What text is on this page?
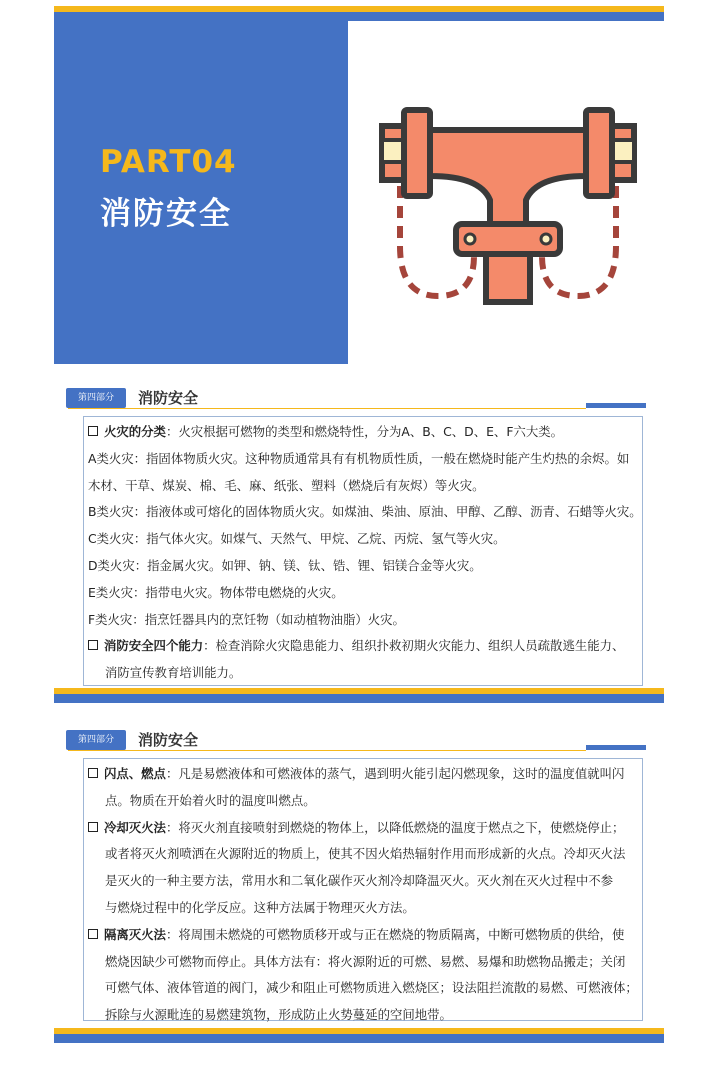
PART04
消防安全
第四部分	消防安全

火灾的分类：火灾根据可燃物的类型和燃烧特性，分为A、B、C、D、E、F六大类。

A类火灾：指固体物质火灾。这种物质通常具有有机物质性质，一般在燃烧时能产生灼热的余烬。如

木材、干草、煤炭、棉、毛、麻、纸张、塑料（燃烧后有灰烬）等火灾。

B类火灾：指液体或可熔化的固体物质火灾。如煤油、柴油、原油、甲醇、乙醇、沥青、石蜡等火灾。

C类火灾：指气体火灾。如煤气、天然气、甲烷、乙烷、丙烷、氢气等火灾。

D类火灾：指金属火灾。如钾、钠、镁、钛、锆、锂、铝镁合金等火灾。

E类火灾：指带电火灾。物体带电燃烧的火灾。

F类火灾：指烹饪器具内的烹饪物（如动植物油脂）火灾。

消防安全四个能力：检查消除火灾隐患能力、组织扑救初期火灾能力、组织人员疏散逃生能力、

消防宣传教育培训能力。

第四部分	消防安全

闪点、燃点：凡是易燃液体和可燃液体的蒸气，遇到明火能引起闪燃现象，这时的温度值就叫闪

点。物质在开始着火时的温度叫燃点。

冷却灭火法：将灭火剂直接喷射到燃烧的物体上，以降低燃烧的温度于燃点之下，使燃烧停止；

或者将灭火剂喷洒在火源附近的物质上，使其不因火焰热辐射作用而形成新的火点。冷却灭火法

是灭火的一种主要方法，常用水和二氧化碳作灭火剂冷却降温灭火。灭火剂在灭火过程中不参

与燃烧过程中的化学反应。这种方法属于物理灭火方法。

隔离灭火法：将周围未燃烧的可燃物质移开或与正在燃烧的物质隔离，中断可燃物质的供给，使

燃烧因缺少可燃物而停止。具体方法有：将火源附近的可燃、易燃、易爆和助燃物品搬走；关闭

可燃气体、液体管道的阀门，减少和阻止可燃物质进入燃烧区；设法阻拦流散的易燃、可燃液体；

拆除与火源毗连的易燃建筑物，形成防止火势蔓延的空间地带。
